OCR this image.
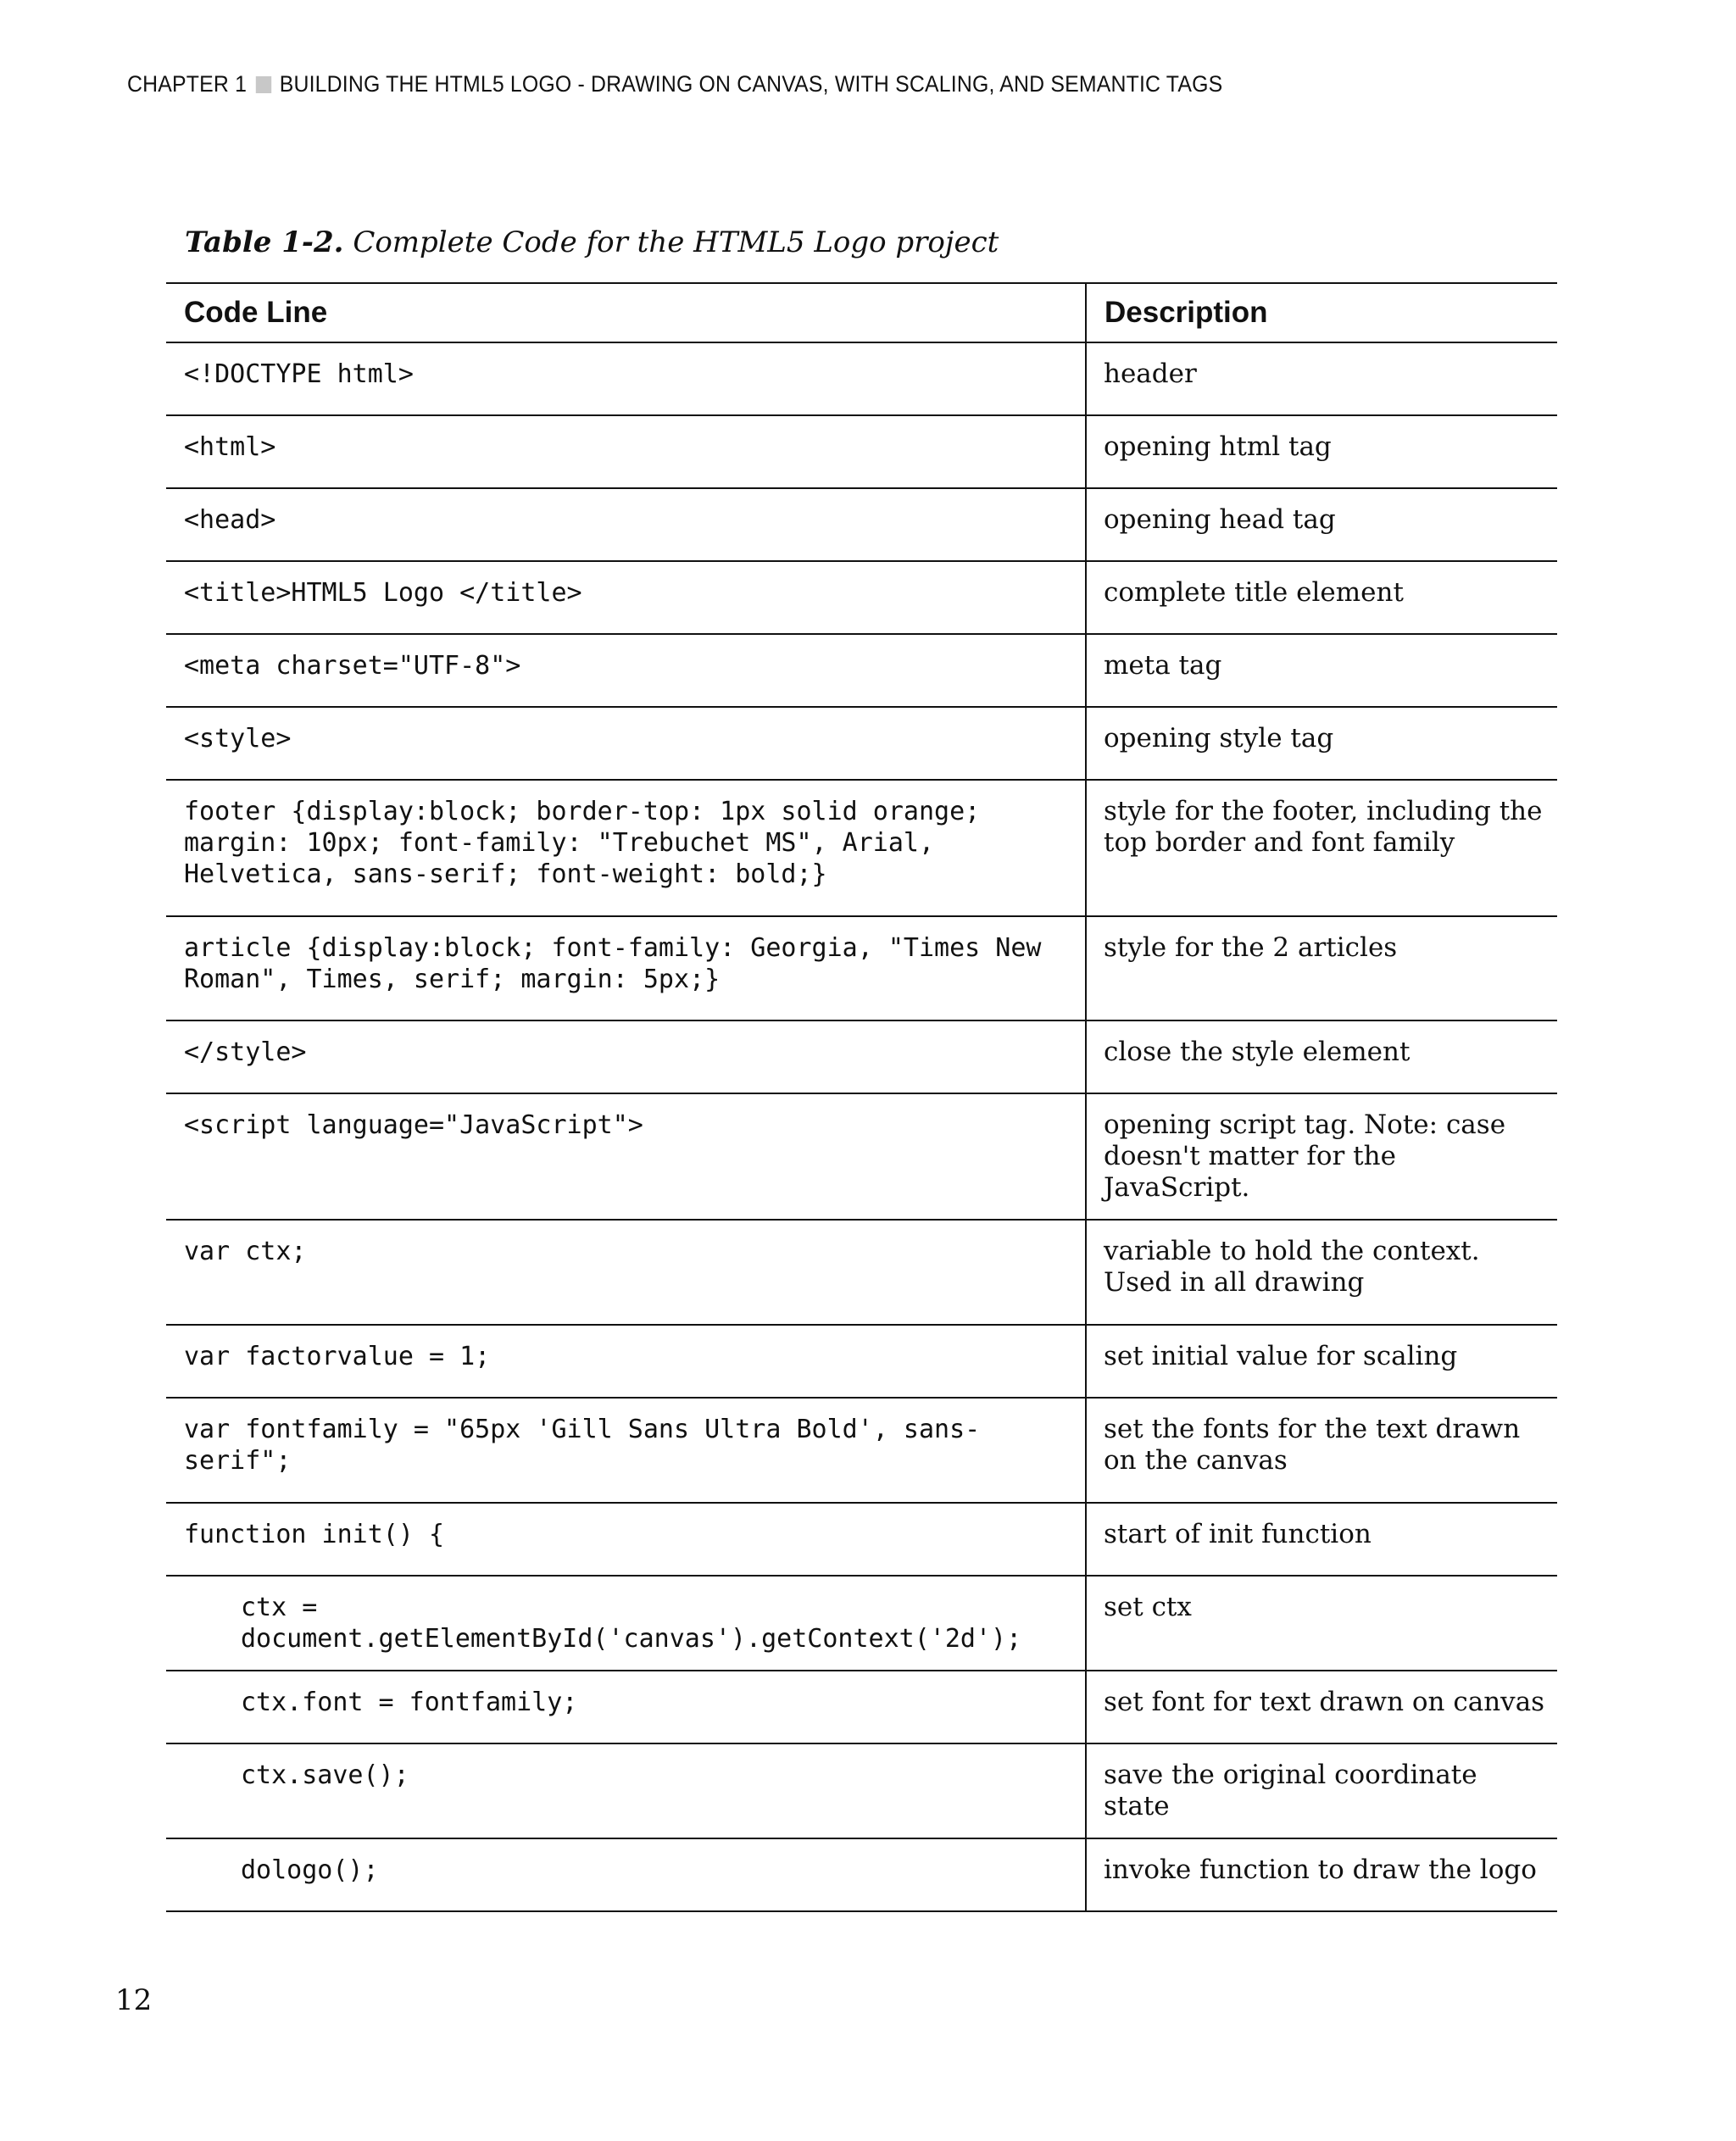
CHAPTER 1 BUILDING THE HTML5 LOGO - DRAWING ON CANVAS, WITH SCALING, AND SEMANTIC TAGS
Table 1-2. Complete Code for the HTML5 Logo project
Code Line	Description
<!DOCTYPE html>	header
<html>	opening html tag
<head>	opening head tag
<title>HTML5 Logo </title>	complete title element
<meta charset="UTF-8">	meta tag
<style>	opening style tag
footer {display:block; border-top: 1px solid orange; margin: 10px; font-family: "Trebuchet MS", Arial, Helvetica, sans-serif; font-weight: bold;}	style for the footer, including the top border and font family
article {display:block; font-family: Georgia, "Times New Roman", Times, serif; margin: 5px;}	style for the 2 articles
</style>	close the style element
<script language="JavaScript">	opening script tag. Note: case doesn't matter for the JavaScript.
var ctx;	variable to hold the context. Used in all drawing
var factorvalue = 1;	set initial value for scaling
var fontfamily = "65px 'Gill Sans Ultra Bold', sans-serif";	set the fonts for the text drawn on the canvas
function init() {	start of init function
ctx = document.getElementById('canvas').getContext('2d');	set ctx
ctx.font = fontfamily;	set font for text drawn on canvas
ctx.save();	save the original coordinate state
dologo();	invoke function to draw the logo
12
